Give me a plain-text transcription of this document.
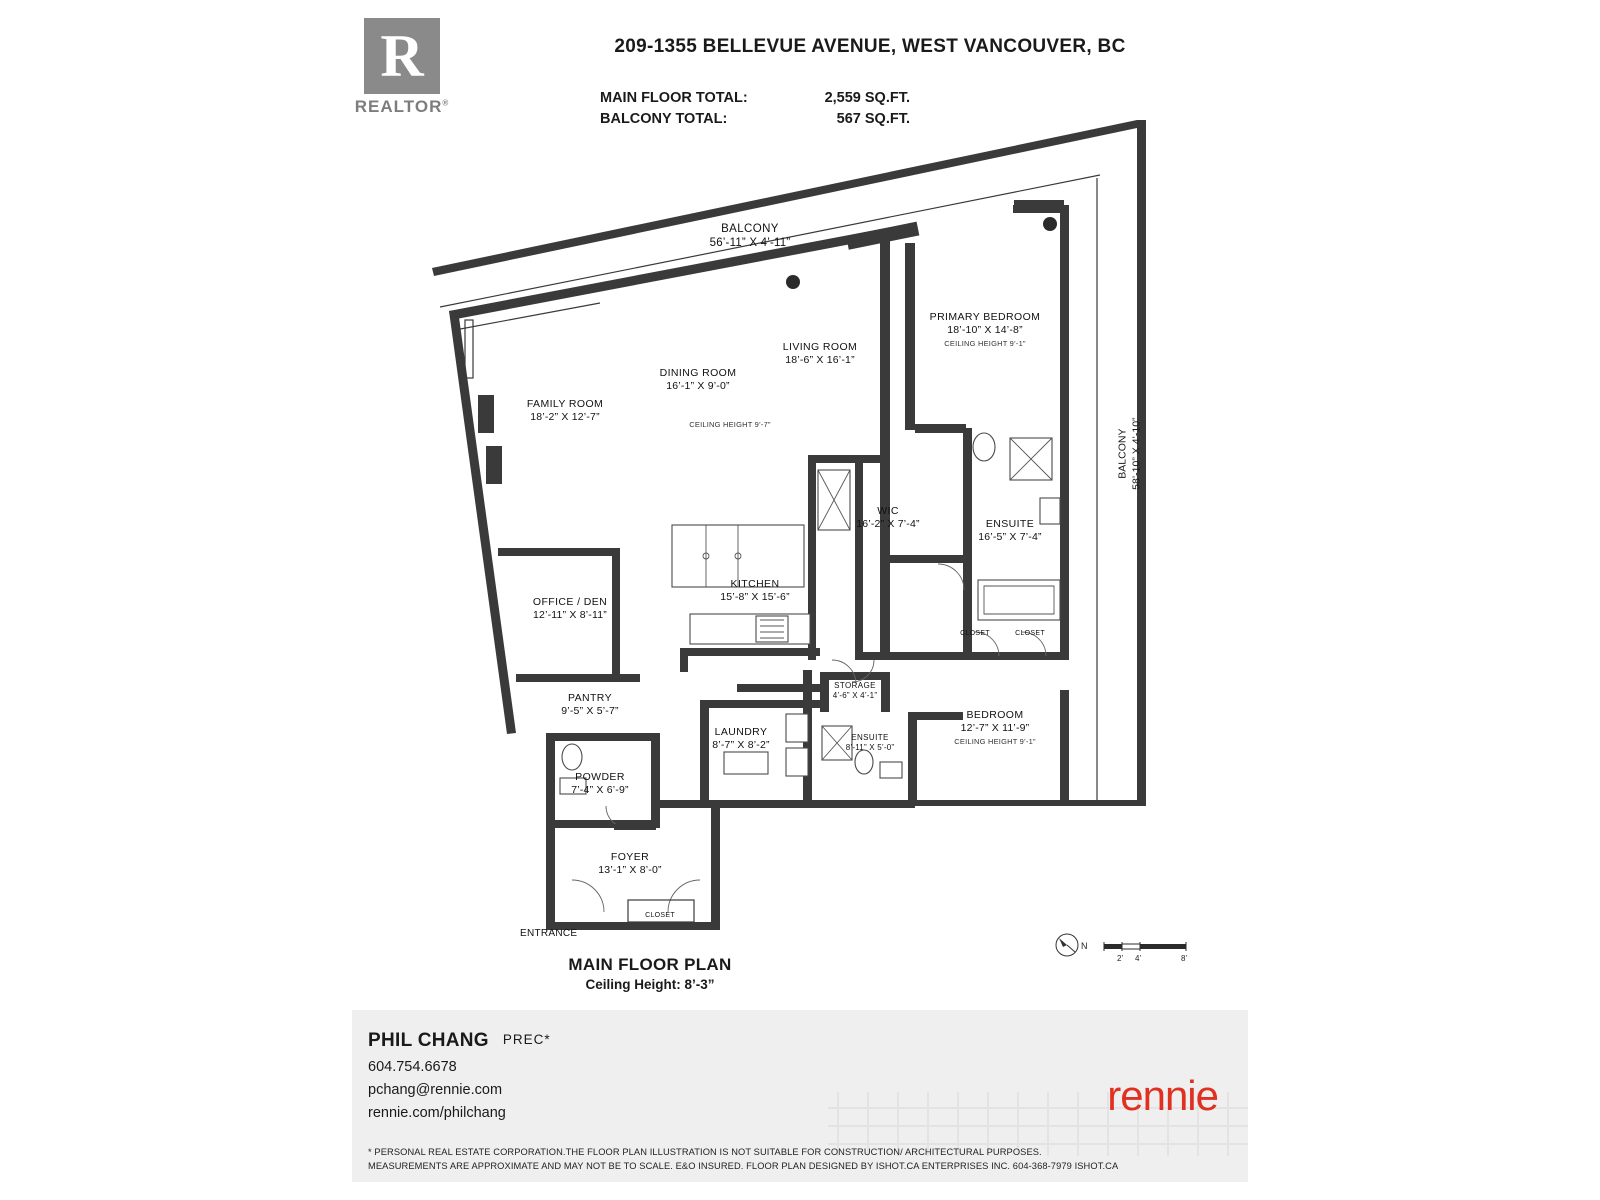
R
REALTOR®
209-1355 BELLEVUE AVENUE, WEST VANCOUVER, BC
MAIN FLOOR TOTAL:	2,559 SQ.FT.
BALCONY TOTAL:	567 SQ.FT.
BALCONY
56’-11” X 4’-11”
FAMILY ROOM
18’-2” X 12’-7”
DINING ROOM
16’-1” X 9’-0”
CEILING HEIGHT 9’-7”
LIVING ROOM
18’-6” X 16’-1”
PRIMARY BEDROOM
18’-10” X 14’-8”
CEILING HEIGHT 9’-1”
BALCONY 58’-10” X 4’-10”
ENSUITE
16’-5” X 7’-4”
WIC
16’-2” X 7’-4”
KITCHEN
15’-8” X 15’-6”
OFFICE / DEN
12’-11” X 8’-11”
PANTRY
9’-5” X 5’-7”
POWDER
7’-4” X 6’-9”
LAUNDRY
8’-7” X 8’-2”
STORAGE
4’-6” X 4’-1”
ENSUITE
8’-11” X 5’-0”
BEDROOM
12’-7” X 11’-9”
CEILING HEIGHT 9’-1”
FOYER
13’-1” X 8’-0”
CLOSET
CLOSET	CLOSET
ENTRANCE
N
2’ 4’	8’
MAIN FLOOR PLAN
Ceiling Height: 8’-3”
PHIL CHANG PREC*
604.754.6678
pchang@rennie.com
rennie.com/philchang	rennie
* PERSONAL REAL ESTATE CORPORATION.THE FLOOR PLAN ILLUSTRATION IS NOT SUITABLE FOR CONSTRUCTION/ ARCHITECTURAL PURPOSES.
MEASUREMENTS ARE APPROXIMATE AND MAY NOT BE TO SCALE. E&O INSURED. FLOOR PLAN DESIGNED BY ISHOT.CA ENTERPRISES INC. 604-368-7979 ISHOT.CA
